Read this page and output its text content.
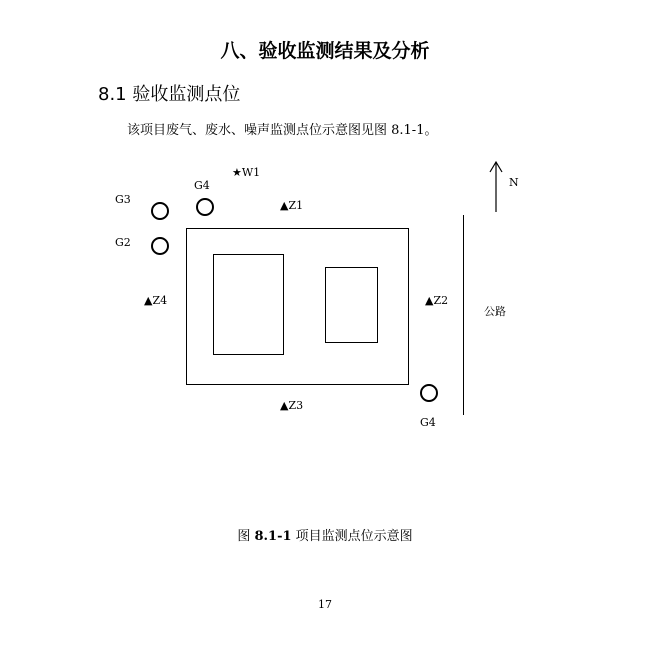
八、验收监测结果及分析
8.1 验收监测点位
该项目废气、废水、噪声监测点位示意图见图 8.1-1。
公路
N
★W1
G4
G3
G2
▲Z1
▲Z4	▲Z2
▲Z3
G4
图 8.1-1 项目监测点位示意图
17
